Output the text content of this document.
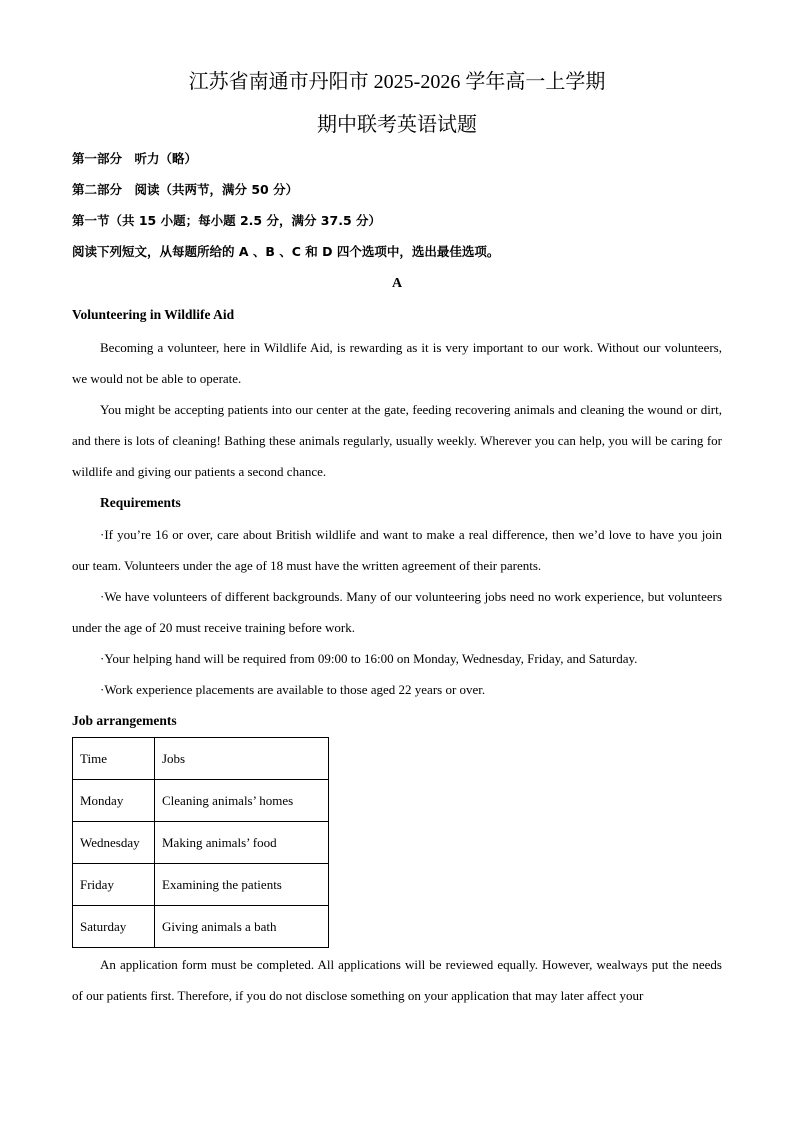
江苏省南通市丹阳市 2025-2026 学年高一上学期
期中联考英语试题
第一部分　听力（略）
第二部分　阅读（共两节，满分 50 分）
第一节（共 15 小题；每小题 2.5 分，满分 37.5 分）
阅读下列短文，从每题所给的 A 、B 、C 和 D 四个选项中，选出最佳选项。
A
Volunteering in Wildlife Aid
Becoming a volunteer, here in Wildlife Aid, is rewarding as it is very important to our work. Without our volunteers, we would not be able to operate.
You might be accepting patients into our center at the gate, feeding recovering animals and cleaning the wound or dirt, and there is lots of cleaning! Bathing these animals regularly, usually weekly. Wherever you can help, you will be caring for wildlife and giving our patients a second chance.
Requirements
·If you’re 16 or over, care about British wildlife and want to make a real difference, then we’d love to have you join our team. Volunteers under the age of 18 must have the written agreement of their parents.
·We have volunteers of different backgrounds. Many of our volunteering jobs need no work experience, but volunteers under the age of 20 must receive training before work.
·Your helping hand will be required from 09:00 to 16:00 on Monday, Wednesday, Friday, and Saturday.
·Work experience placements are available to those aged 22 years or over.
Job arrangements
Time	Jobs
Monday	Cleaning animals’ homes
Wednesday	Making animals’ food
Friday	Examining the patients
Saturday	Giving animals a bath
An application form must be completed. All applications will be reviewed equally. However, wealways put the needs of our patients first. Therefore, if you do not disclose something on your application that may later affect your
